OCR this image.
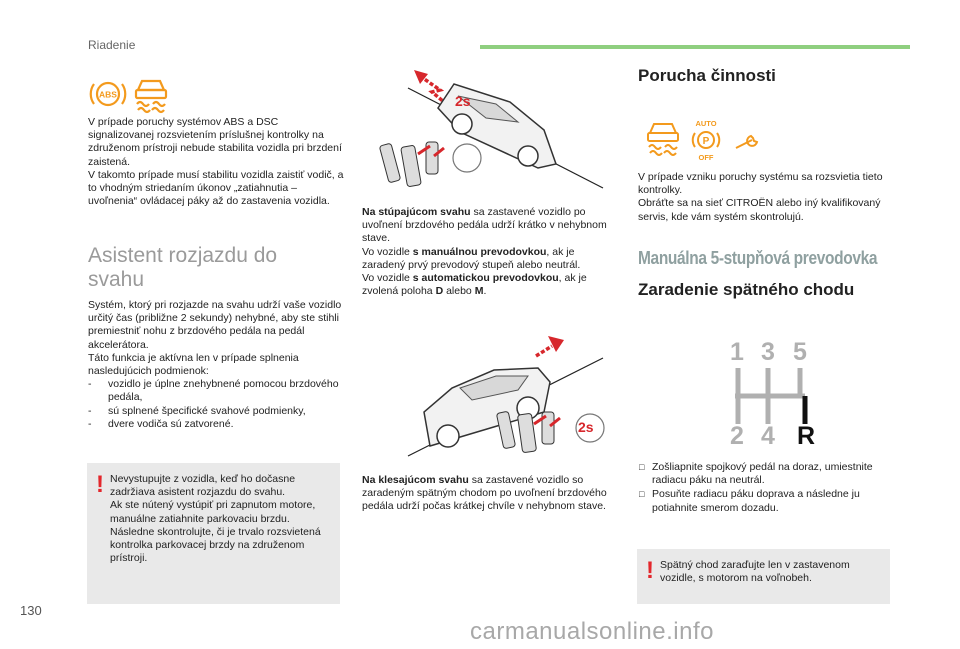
Riadenie
ABS

V prípade poruchy systémov ABS a DSC signalizovanej rozsvietením príslušnej kontrolky na združenom prístroji nebude stabilita vozidla pri brzdení zaistená.
V takomto prípade musí stabilitu vozidla zaistiť vodič, a to vhodným striedaním úkonov „zatiahnutia – uvoľnenia“ ovládacej páky až do zastavenia vozidla.

Asistent rozjazdu do svahu

Systém, ktorý pri rozjazde na svahu udrží vaše vozidlo určitý čas (približne 2 sekundy) nehybné, aby ste stihli premiestniť nohu z brzdového pedála na pedál akcelerátora.
Táto funkcia je aktívna len v prípade splnenia nasledujúcich podmienok:

- vozidlo je úplne znehybnené pomocou brzdového pedála,
- sú splnené špecifické svahové podmienky,
- dvere vodiča sú zatvorené.
! Nevystupujte z vozidla, keď ho dočasne zadržiava asistent rozjazdu do svahu.
Ak ste nútený vystúpiť pri zapnutom motore, manuálne zatiahnite parkovaciu brzdu. Následne skontrolujte, či je trvalo rozsvietená kontrolka parkovacej brzdy na združenom prístroji.

2s

Na stúpajúcom svahu sa zastavené vozidlo po uvoľnení brzdového pedála udrží krátko v nehybnom stave.
Vo vozidle s manuálnou prevodovkou, ak je zaradený prvý prevodový stupeň alebo neutrál.
Vo vozidle s automatickou prevodovkou, ak je zvolená poloha D alebo M.

2s

Na klesajúcom svahu sa zastavené vozidlo so zaradeným spätným chodom po uvoľnení brzdového pedála udrží počas krátkej chvíle v nehybnom stave.

Porucha činnosti
P
AUTO
OFF

V prípade vzniku poruchy systému sa rozsvietia tieto kontrolky.
Obráťte sa na sieť CITROËN alebo iný kvalifikovaný servis, kde vám systém skontrolujú.

Manuálna 5-stupňová prevodovka
Zaradenie spätného chodu
1 3 5
2 4 R
□ Zošliapnite spojkový pedál na doraz, umiestnite radiacu páku na neutrál.
□ Posuňte radiacu páku doprava a následne ju potiahnite smerom dozadu.
! Spätný chod zaraďujte len v zastavenom vozidle, s motorom na voľnobeh.

130
carmanualsonline.info
